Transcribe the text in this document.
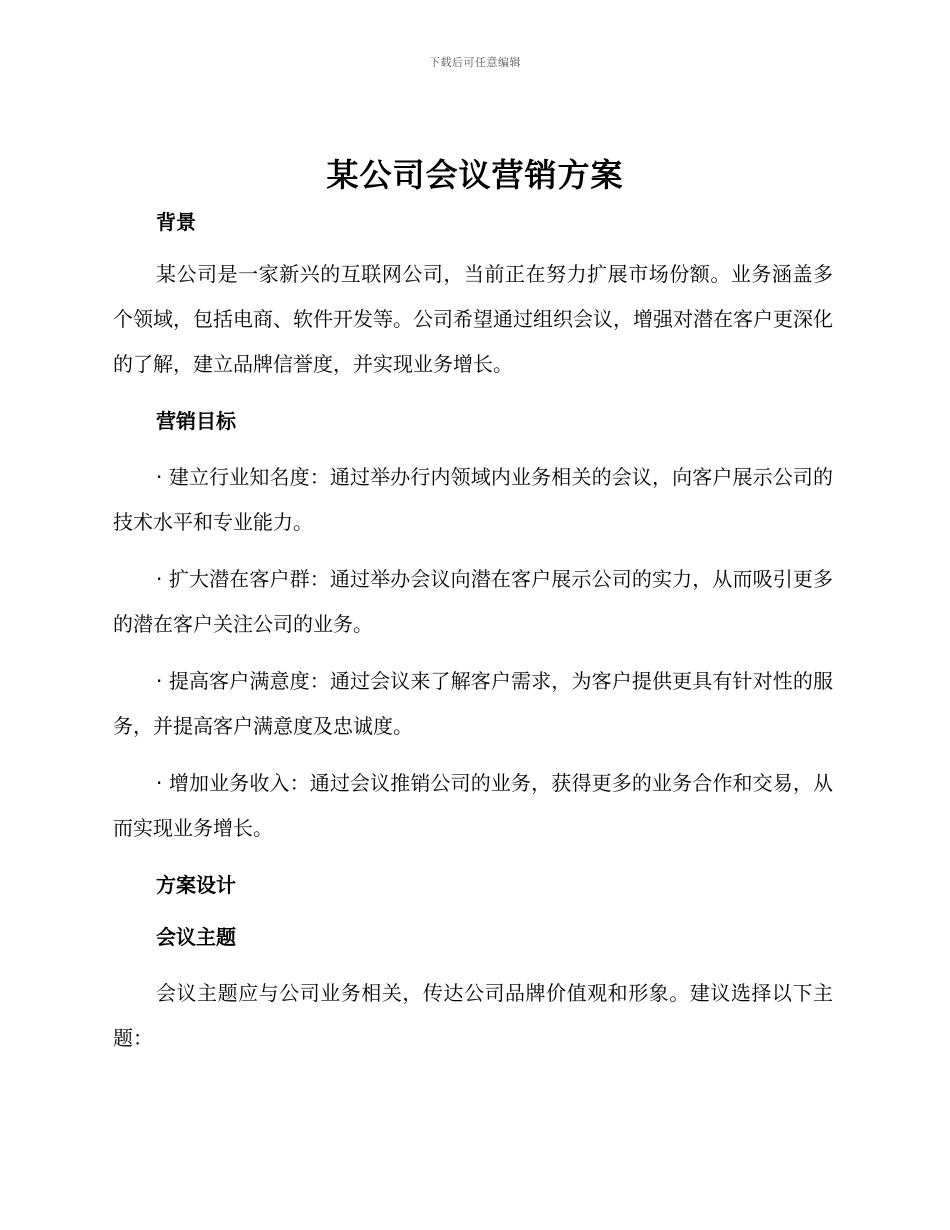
下载后可任意编辑
某公司会议营销方案
背景

某公司是一家新兴的互联网公司，当前正在努力扩展市场份额。业务涵盖多个领域，包括电商、软件开发等。公司希望通过组织会议，增强对潜在客户更深化的了解，建立品牌信誉度，并实现业务增长。

营销目标

· 建立行业知名度：通过举办行内领域内业务相关的会议，向客户展示公司的技术水平和专业能力。

· 扩大潜在客户群：通过举办会议向潜在客户展示公司的实力，从而吸引更多的潜在客户关注公司的业务。

· 提高客户满意度：通过会议来了解客户需求，为客户提供更具有针对性的服务，并提高客户满意度及忠诚度。

· 增加业务收入：通过会议推销公司的业务，获得更多的业务合作和交易，从而实现业务增长。

方案设计
会议主题

会议主题应与公司业务相关，传达公司品牌价值观和形象。建议选择以下主题：
